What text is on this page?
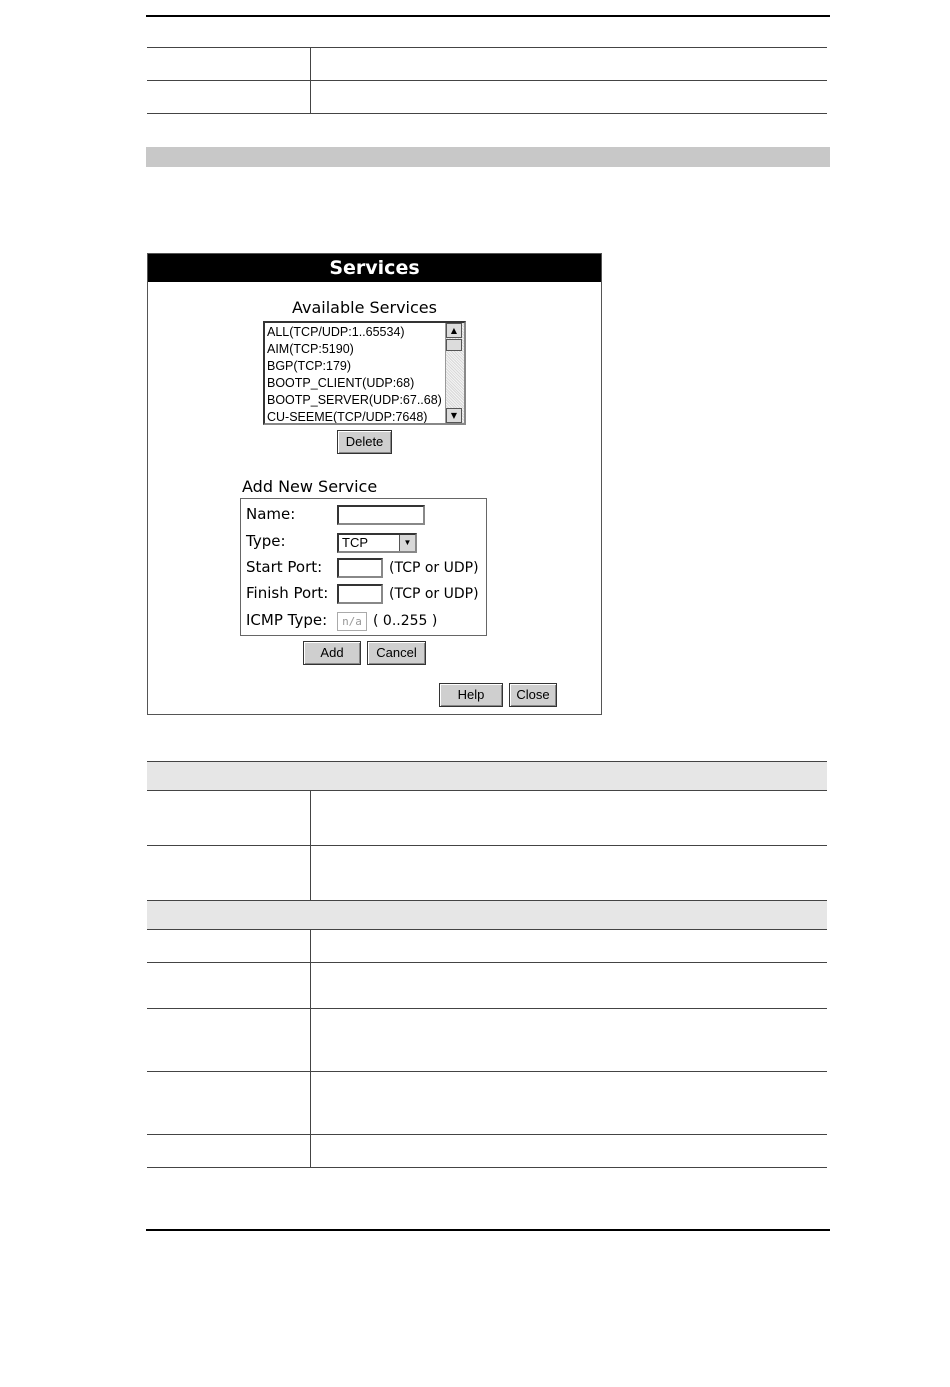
Services
Available Services
ALL(TCP/UDP:1..65534)
AIM(TCP:5190)
BGP(TCP:179)
BOOTP_CLIENT(UDP:68)
BOOTP_SERVER(UDP:67..68)
CU-SEEME(TCP/UDP:7648)
▲
▼
Delete
Add New Service
Name:
Type:	TCP	▼
Start Port:	(TCP or UDP)
Finish Port:	(TCP or UDP)
ICMP Type:	n/a ( 0..255 )
Add	Cancel
Help	Close
